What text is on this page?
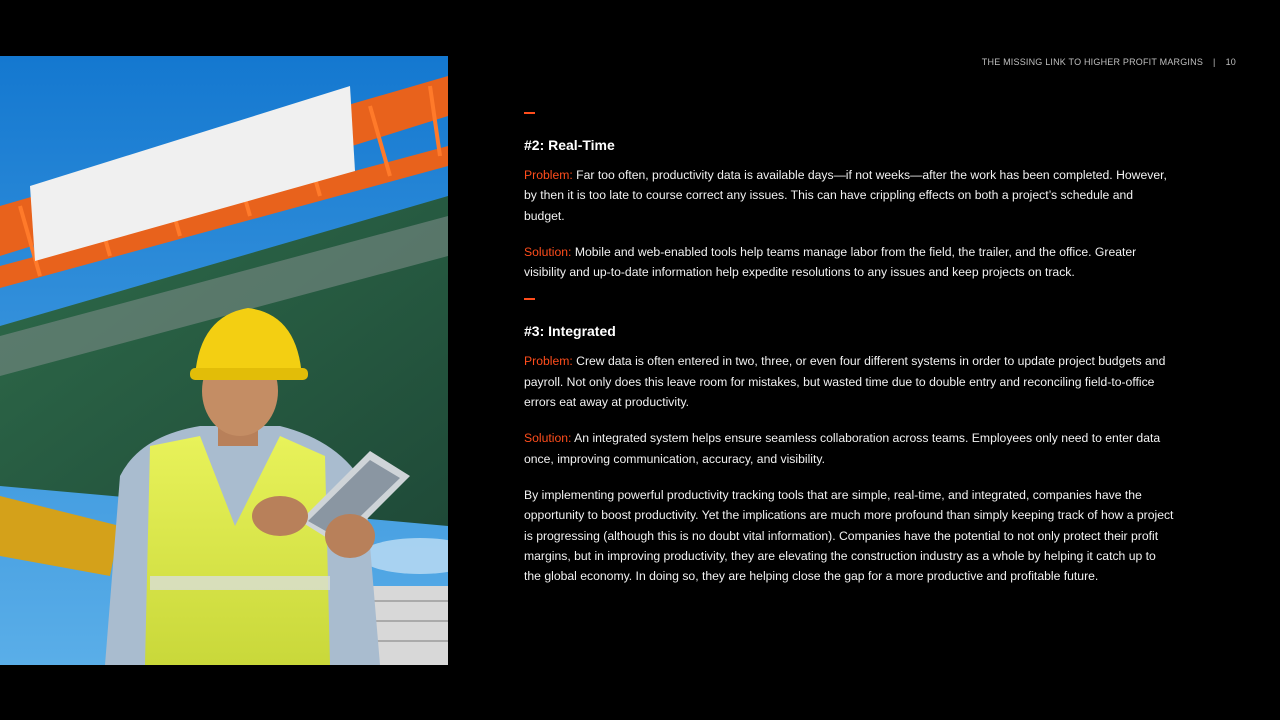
THE MISSING LINK TO HIGHER PROFIT MARGINS | 10
#2: Real-Time

Problem: Far too often, productivity data is available days—if not weeks—after the work has been completed. However, by then it is too late to course correct any issues. This can have crippling effects on both a project’s schedule and budget.

Solution: Mobile and web-enabled tools help teams manage labor from the field, the trailer, and the office. Greater visibility and up-to-date information help expedite resolutions to any issues and keep projects on track.

#3: Integrated

Problem: Crew data is often entered in two, three, or even four different systems in order to update project budgets and payroll. Not only does this leave room for mistakes, but wasted time due to double entry and reconciling field-to-office errors eat away at productivity.

Solution: An integrated system helps ensure seamless collaboration across teams. Employees only need to enter data once, improving communication, accuracy, and visibility.

By implementing powerful productivity tracking tools that are simple, real-time, and integrated, companies have the opportunity to boost productivity. Yet the implications are much more profound than simply keeping track of how a project is progressing (although this is no doubt vital information). Companies have the potential to not only protect their profit margins, but in improving productivity, they are elevating the construction industry as a whole by helping it catch up to the global economy. In doing so, they are helping close the gap for a more productive and profitable future.
